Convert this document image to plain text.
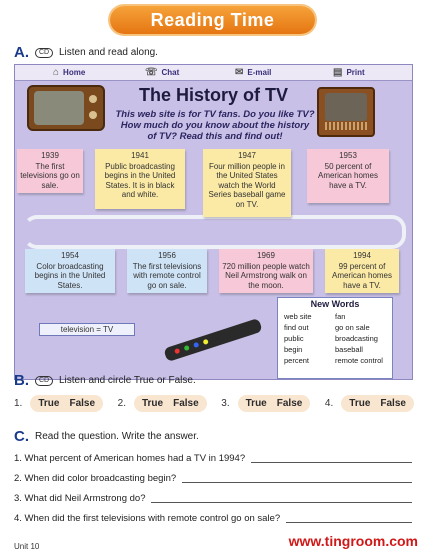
Reading Time
A.	CD Listen and read along.
⌂ Home	☏ Chat	✉ E-mail	▤ Print
The History of TV
This web site is for TV fans. Do you like TV? How much do you know about the history of TV? Read this and find out!
1939
The first televisions go on sale.
1941
Public broadcasting begins in the United States. It is in black and white.
1947
Four million people in the United States watch the World Series baseball game on TV.
1953
50 percent of American homes have a TV.
1954
Color broadcasting begins in the United States.
1956
The first televisions with remote control go on sale.
1969
720 million people watch Neil Armstrong walk on the moon.
1994
99 percent of American homes have a TV.
television = TV
New Words
web site	fan
find out	go on sale
public	broadcasting
begin	baseball
percent	remote control
B.	CD Listen and circle True or False.
1. True False 2. True False 3. True False 4. True False
C. Read the question. Write the answer.
1. What percent of American homes had a TV in 1994?
2. When did color broadcasting begin?
3. What did Neil Armstrong do?
4. When did the first televisions with remote control go on sale?
Unit 10	www.tingroom.com
